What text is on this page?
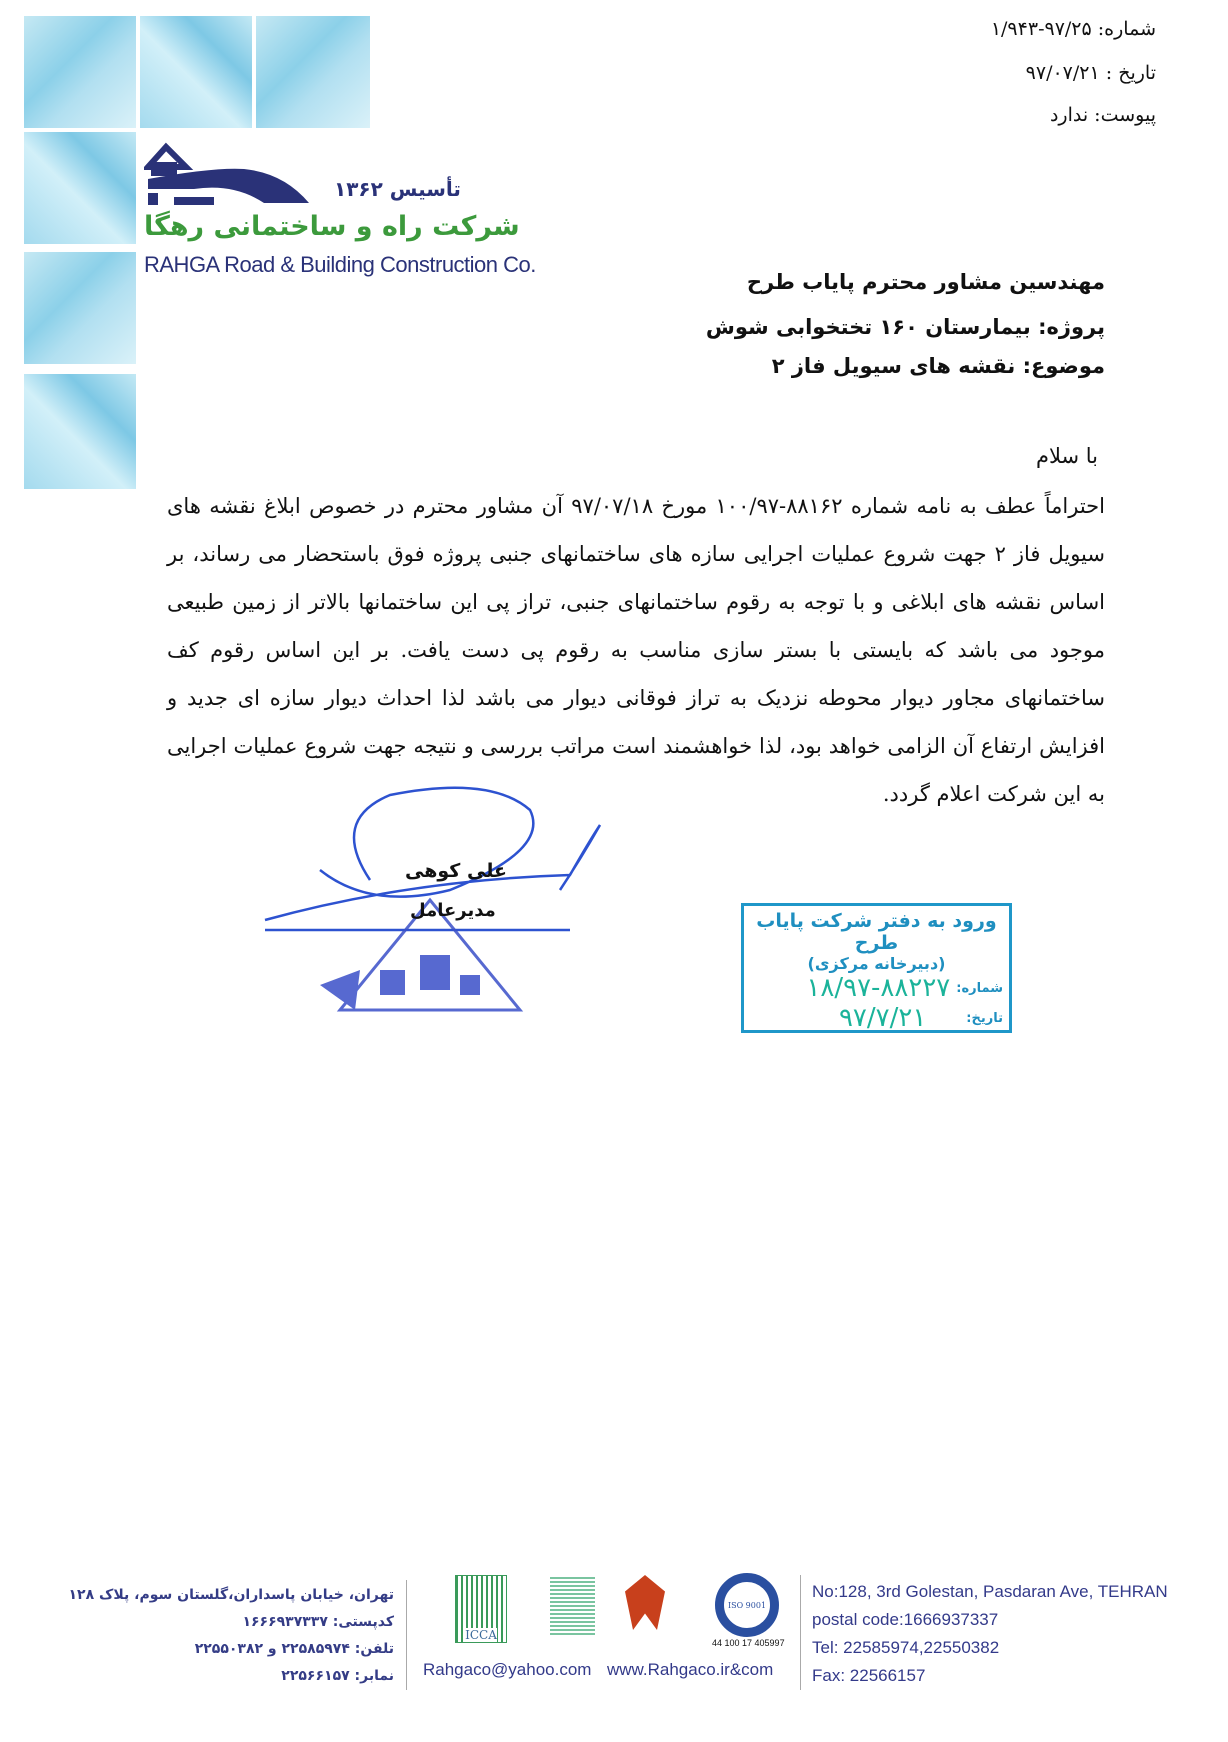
شماره: ۹۷/۲۵-۱/۹۴۳
تاریخ : ۹۷/۰۷/۲۱
پیوست: ندارد
تأسیس ۱۳۶۲
شرکت راه و ساختمانی رهگا
RAHGA Road & Building Construction Co.
مهندسین مشاور محترم پایاب طرح
پروژه: بیمارستان ۱۶۰ تختخوابی شوش
موضوع: نقشه های سیویل فاز ۲
با سلام
احتراماً عطف به نامه شماره ۸۸۱۶۲-۱۰۰/۹۷ مورخ ۹۷/۰۷/۱۸ آن مشاور محترم در خصوص ابلاغ نقشه های سیویل فاز ۲ جهت شروع عملیات اجرایی سازه های ساختمانهای جنبی پروژه فوق باستحضار می رساند، بر اساس نقشه های ابلاغی و با توجه به رقوم ساختمانهای جنبی، تراز پی این ساختمانها بالاتر از زمین طبیعی موجود می باشد که بایستی با بستر سازی مناسب به رقوم پی دست یافت. بر این اساس رقوم کف ساختمانهای مجاور دیوار محوطه نزدیک به تراز فوقانی دیوار می باشد لذا احداث دیوار سازه ای جدید و افزایش ارتفاع آن الزامی خواهد بود، لذا خواهشمند است مراتب بررسی و نتیجه جهت شروع عملیات اجرایی به این شرکت اعلام گردد.
علی کوهی
مدیرعامل	ورود به دفتر شرکت پایاب طرح
(دبیرخانه مرکزی)
شماره:
۱۸/۹۷-۸۸۲۲۷
تاریخ:
۹۷/۷/۲۱
تهران، خیابان پاسداران،گلستان سوم، پلاک ۱۲۸
کدپستی: ۱۶۶۶۹۳۷۳۳۷
تلفن: ۲۲۵۸۵۹۷۴ و ۲۲۵۵۰۳۸۲
نمابر: ۲۲۵۶۶۱۵۷
ICCA
ISO 9001
44 100 17 405997
Rahgaco@yahoo.com www.Rahgaco.ir&com
No:128, 3rd Golestan, Pasdaran Ave, TEHRAN
postal code:1666937337
Tel: 22585974,22550382
Fax: 22566157
